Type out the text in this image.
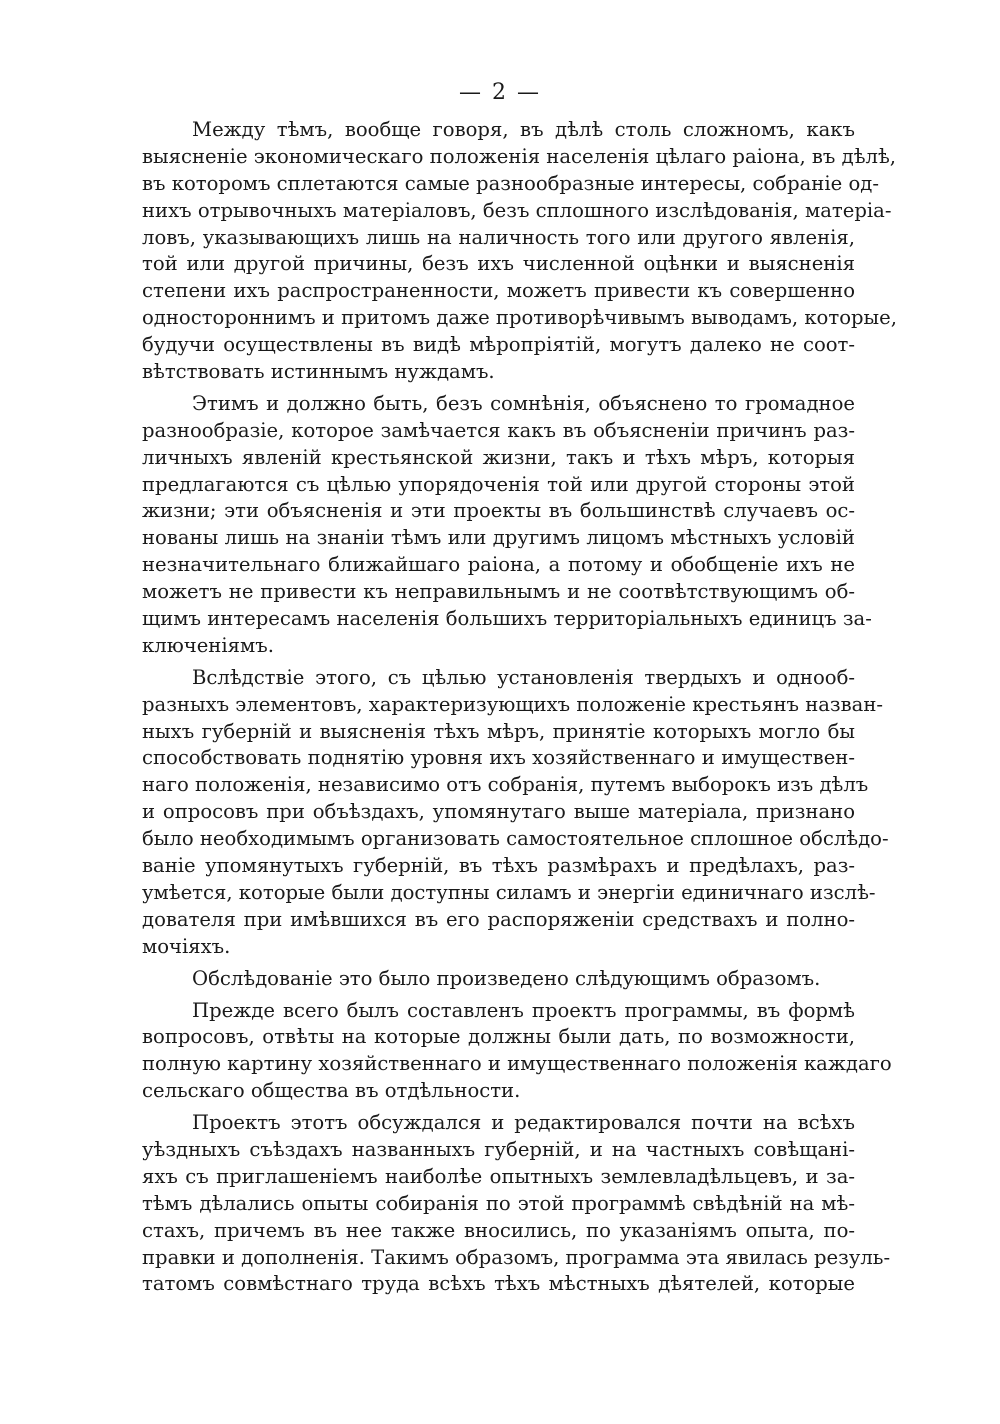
— 2 —
Между тѣмъ, вообще говоря, въ дѣлѣ столь сложномъ, какъ
выясненіе экономическаго положенія населенія цѣлаго раіона, въ дѣлѣ,
въ которомъ сплетаются самые разнообразные интересы, собраніе од-
нихъ отрывочныхъ матеріаловъ, безъ сплошного изслѣдованія, матеріа-
ловъ, указывающихъ лишь на наличность того или другого явленія,
той или другой причины, безъ ихъ численной оцѣнки и выясненія
степени ихъ распространенности, можетъ привести къ совершенно
одностороннимъ и притомъ даже противорѣчивымъ выводамъ, которые,
будучи осуществлены въ видѣ мѣропріятій, могутъ далеко не соот-
вѣтствовать истиннымъ нуждамъ.
Этимъ и должно быть, безъ сомнѣнія, объяснено то громадное
разнообразіе, которое замѣчается какъ въ объясненіи причинъ раз-
личныхъ явленій крестьянской жизни, такъ и тѣхъ мѣръ, которыя
предлагаются съ цѣлью упорядоченія той или другой стороны этой
жизни; эти объясненія и эти проекты въ большинствѣ случаевъ ос-
нованы лишь на знаніи тѣмъ или другимъ лицомъ мѣстныхъ условій
незначительнаго ближайшаго раіона, а потому и обобщеніе ихъ не
можетъ не привести къ неправильнымъ и не соотвѣтствующимъ об-
щимъ интересамъ населенія большихъ территоріальныхъ единицъ за-
ключеніямъ.
Вслѣдствіе этого, съ цѣлью установленія твердыхъ и однооб-
разныхъ элементовъ, характеризующихъ положеніе крестьянъ назван-
ныхъ губерній и выясненія тѣхъ мѣръ, принятіе которыхъ могло бы
способствовать поднятію уровня ихъ хозяйственнаго и имуществен-
наго положенія, независимо отъ собранія, путемъ выборокъ изъ дѣлъ
и опросовъ при объѣздахъ, упомянутаго выше матеріала, признано
было необходимымъ организовать самостоятельное сплошное обслѣдо-
ваніе упомянутыхъ губерній, въ тѣхъ размѣрахъ и предѣлахъ, раз-
умѣется, которые были доступны силамъ и энергіи единичнаго изслѣ-
дователя при имѣвшихся въ его распоряженіи средствахъ и полно-
мочіяхъ.
Обслѣдованіе это было произведено слѣдующимъ образомъ.
Прежде всего былъ составленъ проектъ программы, въ формѣ
вопросовъ, отвѣты на которые должны были дать, по возможности,
полную картину хозяйственнаго и имущественнаго положенія каждаго
сельскаго общества въ отдѣльности.
Проектъ этотъ обсуждался и редактировался почти на всѣхъ
уѣздныхъ съѣздахъ названныхъ губерній, и на частныхъ совѣщані-
яхъ съ приглашеніемъ наиболѣе опытныхъ землевладѣльцевъ, и за-
тѣмъ дѣлались опыты собиранія по этой программѣ свѣдѣній на мѣ-
стахъ, причемъ въ нее также вносились, по указаніямъ опыта, по-
правки и дополненія. Такимъ образомъ, программа эта явилась резуль-
татомъ совмѣстнаго труда всѣхъ тѣхъ мѣстныхъ дѣятелей, которые
